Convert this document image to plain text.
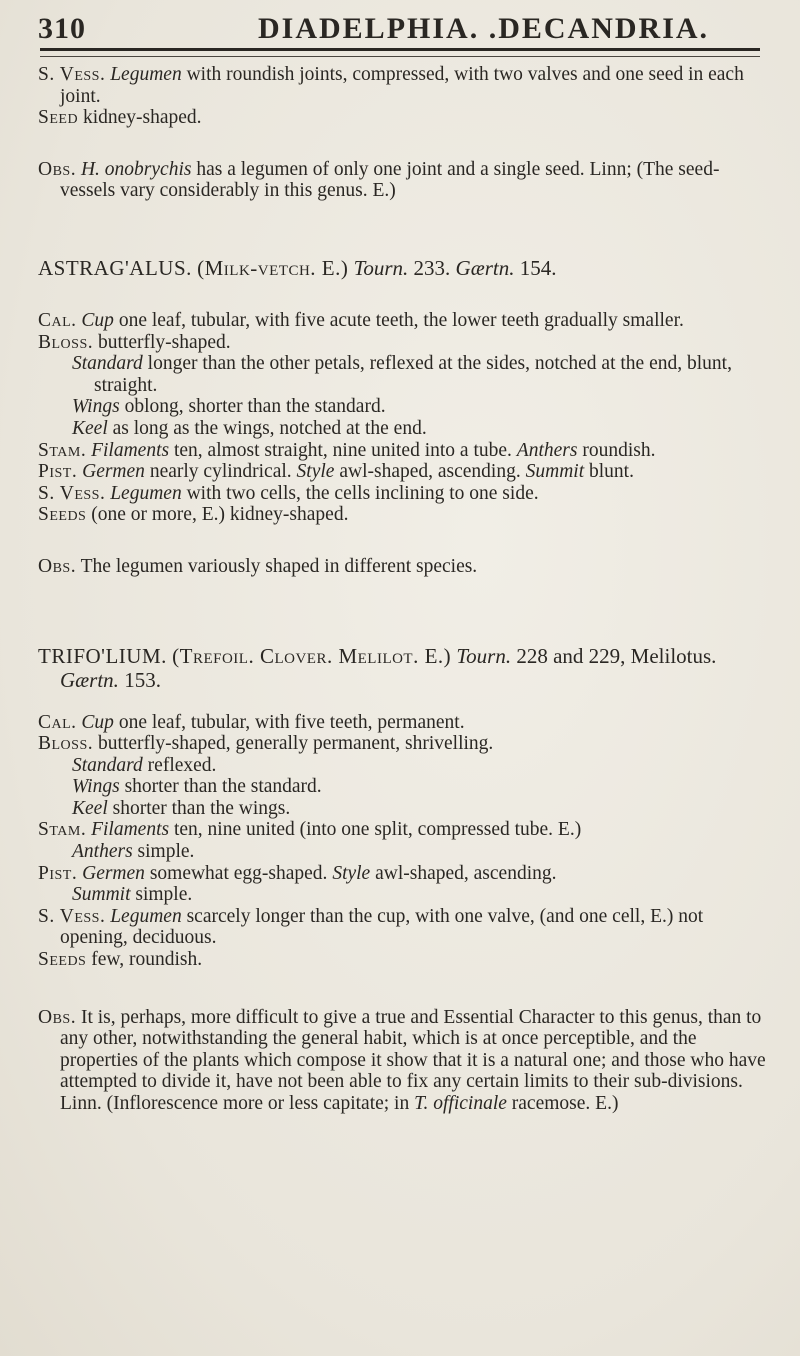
310	DIADELPHIA. .DECANDRIA.

S. Vess. Legumen with roundish joints, compressed, with two valves and one seed in each joint.

Seed kidney-shaped.

Obs. H. onobrychis has a legumen of only one joint and a single seed. Linn; (The seed-vessels vary considerably in this genus. E.)

ASTRAG'ALUS. (Milk-vetch. E.) Tourn. 233. Gærtn. 154.

Cal. Cup one leaf, tubular, with five acute teeth, the lower teeth gradually smaller.

Bloss. butterfly-shaped.

Standard longer than the other petals, reflexed at the sides, notched at the end, blunt, straight.

Wings oblong, shorter than the standard.

Keel as long as the wings, notched at the end.

Stam. Filaments ten, almost straight, nine united into a tube. Anthers roundish.

Pist. Germen nearly cylindrical. Style awl-shaped, ascending. Summit blunt.

S. Vess. Legumen with two cells, the cells inclining to one side.

Seeds (one or more, E.) kidney-shaped.

Obs. The legumen variously shaped in different species.

TRIFO'LIUM. (Trefoil. Clover. Melilot. E.) Tourn. 228 and 229, Melilotus. Gærtn. 153.

Cal. Cup one leaf, tubular, with five teeth, permanent.

Bloss. butterfly-shaped, generally permanent, shrivelling.

Standard reflexed.

Wings shorter than the standard.

Keel shorter than the wings.

Stam. Filaments ten, nine united (into one split, compressed tube. E.)

Anthers simple.

Pist. Germen somewhat egg-shaped. Style awl-shaped, ascending.

Summit simple.

S. Vess. Legumen scarcely longer than the cup, with one valve, (and one cell, E.) not opening, deciduous.

Seeds few, roundish.

Obs. It is, perhaps, more difficult to give a true and Essential Character to this genus, than to any other, notwithstanding the general habit, which is at once perceptible, and the properties of the plants which compose it show that it is a natural one; and those who have attempted to divide it, have not been able to fix any certain limits to their sub-divisions. Linn. (Inflorescence more or less capitate; in T. officinale racemose. E.)
